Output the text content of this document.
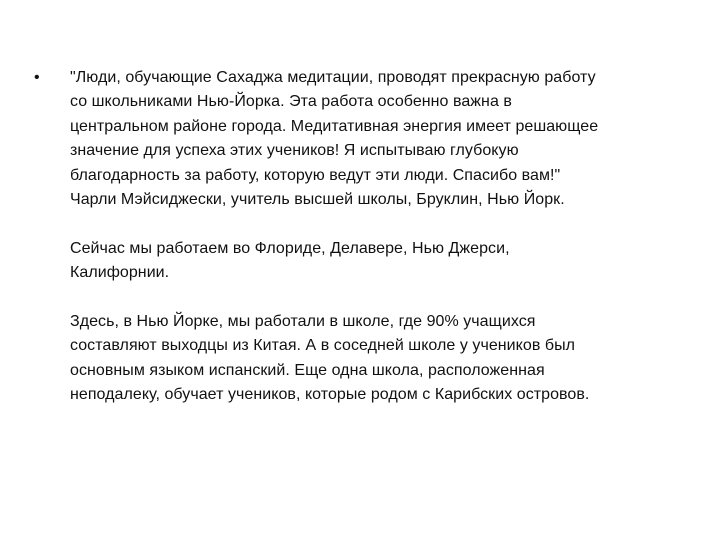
• "Люди, обучающие Сахаджа медитации, проводят прекрасную работу
со школьниками Нью-Йорка. Эта работа особенно важна в
центральном районе города. Медитативная энергия имеет решающее
значение для успеха этих учеников! Я испытываю глубокую
благодарность за работу, которую ведут эти люди. Спасибо вам!"
Чарли Мэйсиджески, учитель высшей школы, Бруклин, Нью Йорк.

Сейчас мы работаем во Флориде, Делавере, Нью Джерси,
Калифорнии.

Здесь, в Нью Йорке, мы работали в школе, где 90% учащихся
составляют выходцы из Китая. А в соседней школе у учеников был
основным языком испанский. Еще одна школа, расположенная
неподалеку, обучает учеников, которые родом с Карибских островов.
